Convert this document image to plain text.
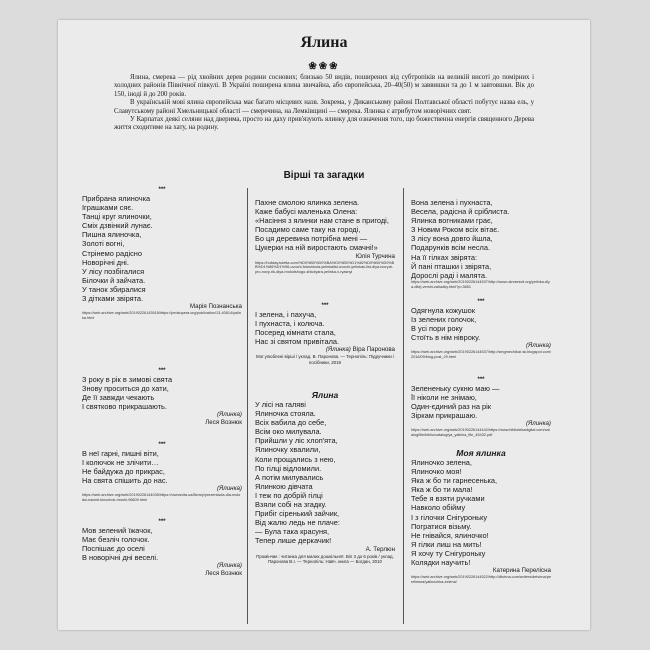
Ялина
❀❀❀

Ялина, смерека — рід хвойних дерев родини соснових; близько 50 видів, поширених від субтропіків на великій висоті до помірних і холодних районів Північної півкулі. В Україні поширена ялина звичайна, або європейська, 20–40(50) м заввишки та до 1 м завтовшки. Вік до 150, іноді й до 200 років.

В українській мові ялина європейська має багато місцевих назв. Зокрема, у Диканському районі Полтавської області побутує назва ель, у Славутському районі Хмельницької області — смеречина, на Лемківщині — смерека. Ялинка є атрибутом новорічних свят.

У Карпатах деякі селяни над дверима, просто на даху прив'язують ялинку для означення того, що божественна енергія священного Дерева життя сходитиме на хату, на родину.

Вірші та загадки
***
Прибрана ялиночка
Іграшками сяє.
Танці круг ялиночки,
Сміх дзвінкий лунає.
Пишна ялиночка,
Золоті вогні,
Стрінемо радісно
Новорічні дні.
У лісу позбігалися
Білочки й зайчата.
У танок збиралися
З дітками звірята.
Марія Познанська
https://web.archive.org/web/20190226143918/https://pedsupera.org/publication/13-40614/yalinka.html
***
З року в рік в зимові свята
Знову проситься до хати,
Де її завжди чекають
І святково прикрашають.
(Ялинка)
Леся Вознюк
***
В неї гарні, пишні віти,
І колючок не злічити…
Не байдужа до прикрас,
На свята спішить до нас.
(Ялинка)
https://web.archive.org/web/20190226144035/https://vseosvita.ua/library/prezentacia-dla-molodsi-nacinit-kinochok-hroshi-96609.html
***
Мов зелений їжачок,
Має безліч голочок.
Поспішає до оселі
В новорічні дні веселі.
(Ялинка)
Леся Вознюк
Пахне смолою ялинка зелена.
Каже бабусі маленька Олена:
«Насіння з ялинки нам стане в пригоді,
Посадимо саме таку на городі,
Бо ця деревина потрібна мені —
Цукерки на ній виростають смачні!»
Юлія Турчина
https://holiday.tuletta.com/%D0%B0%D0%BA%D0%B0%D1%82%D0%B0%D0%BB%D1%86%D1%96-ovochi-fotoshkola-yelinkalist-ovochi-yelinkas-list-dlya-tvoryat-pro-novy-rik-dlya-molodshogo-shkolyara-yelinka-v-ryasnyi
***
І зелена, і пахуча,
І пухнаста, і колюча.
Посеред кімнати стала,
Нас зі святом привітала.
(Ялинка) Віра Паронова
Мої улюблені вірші / уклад. В. Паронова. — Тернопіль: Підручники і посібники, 2019
Ялина
У лісі на галяві
Ялиночка стояла.
Всіх вабила до себе,
Всім око милувала.
Прийшли у ліс хлоп'ята,
Ялиночку хвалили,
Коли прощались з нею,
По гілці відломили.
А потім милувались
Ялинкою дівчата
І теж по добрій гілці
Взяли собі на згадку.
Прибіг сіренький зайчик,
Від жалю ледь не плаче:
— Була така красуня,
Тепер лише деркачик!
А. Терлюн
Промінчик : читанка для малих дошкільнят. Віл 3 до 6 років / уклад. Паронова В.І. — Тернопіль: Навч. книга — Богдан, 2010
Вона зелена і пухнаста,
Весела, радісна й сріблиста.
Ялинка вогниками грає,
З Новим Роком всіх вітає.
З лісу вона довго йшла,
Подарунків всім несла.
На її гілках звірята:
Й пані пташки і звірята,
Дорослі раді і малята.
https://web.archive.org/web/20190226144537/http://www.ukrvsesvit.org/yelinka-dlya-ditej-vershi-zahadky.html?p=3651
***
Одягнула кожушок
Із зелених голочок,
В усі пори року
Стоїть в нім нівроку.
(Ялинка)
https://web.archive.org/web/20190226144537/http://smgmechilozi.sk.blogspot.com/2016/09/blog-post_29.html
***
Зелененьку сукню маю —
Її ніколи не знімаю,
Один-єдиний раз на рік
Зіркам прикрашаю.
(Ялинка)
https://web.archive.org/web/20190226144442/https://www.bibliotekadigital.com/catalog/file/biblio/catalog/ya_yalinka_file_45432.pdf
Моя ялинка
Ялиночко зелена,
Ялиночко моя!
Яка ж бо ти гарнесенька,
Яка ж бо ти мала!
Тебе я взяти ручками
Навколо обійму
І з гілочки Снігуроньку
Погратися візьму.
Не гнівайся, ялиночко!
Я гілки лиш на мить!
Я хочу ту Снігуроньку
Колядки научить!
Катерина Перелісна
https://web.archive.org/web/20190226144522/http://ditvirna.com/writers/detvirna/pereliesna/yalinochka-zelena/
